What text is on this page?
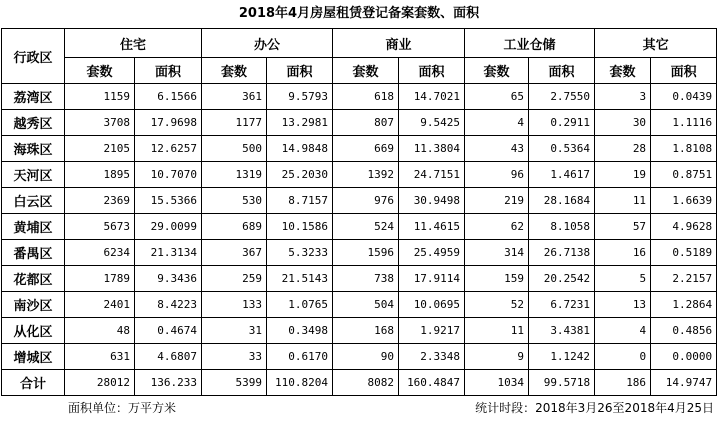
2018年4月房屋租赁登记备案套数、面积
行政区	住宅		办公		商业		工业仓储		其它	
	套数	面积	套数	面积	套数	面积	套数	面积	套数	面积
荔湾区	1159	6.1566	361	9.5793	618	14.7021	65	2.7550	3	0.0439
越秀区	3708	17.9698	1177	13.2981	807	9.5425	4	0.2911	30	1.1116
海珠区	2105	12.6257	500	14.9848	669	11.3804	43	0.5364	28	1.8108
天河区	1895	10.7070	1319	25.2030	1392	24.7151	96	1.4617	19	0.8751
白云区	2369	15.5366	530	8.7157	976	30.9498	219	28.1684	11	1.6639
黄埔区	5673	29.0099	689	10.1586	524	11.4615	62	8.1058	57	4.9628
番禺区	6234	21.3134	367	5.3233	1596	25.4959	314	26.7138	16	0.5189
花都区	1789	9.3436	259	21.5143	738	17.9114	159	20.2542	5	2.2157
南沙区	2401	8.4223	133	1.0765	504	10.0695	52	6.7231	13	1.2864
从化区	48	0.4674	31	0.3498	168	1.9217	11	3.4381	4	0.4856
增城区	631	4.6807	33	0.6170	90	2.3348	9	1.1242	0	0.0000
合计	28012	136.233	5399	110.8204	8082	160.4847	1034	99.5718	186	14.9747
面积单位：万平方米	统计时段：2018年3月26至2018年4月25日
